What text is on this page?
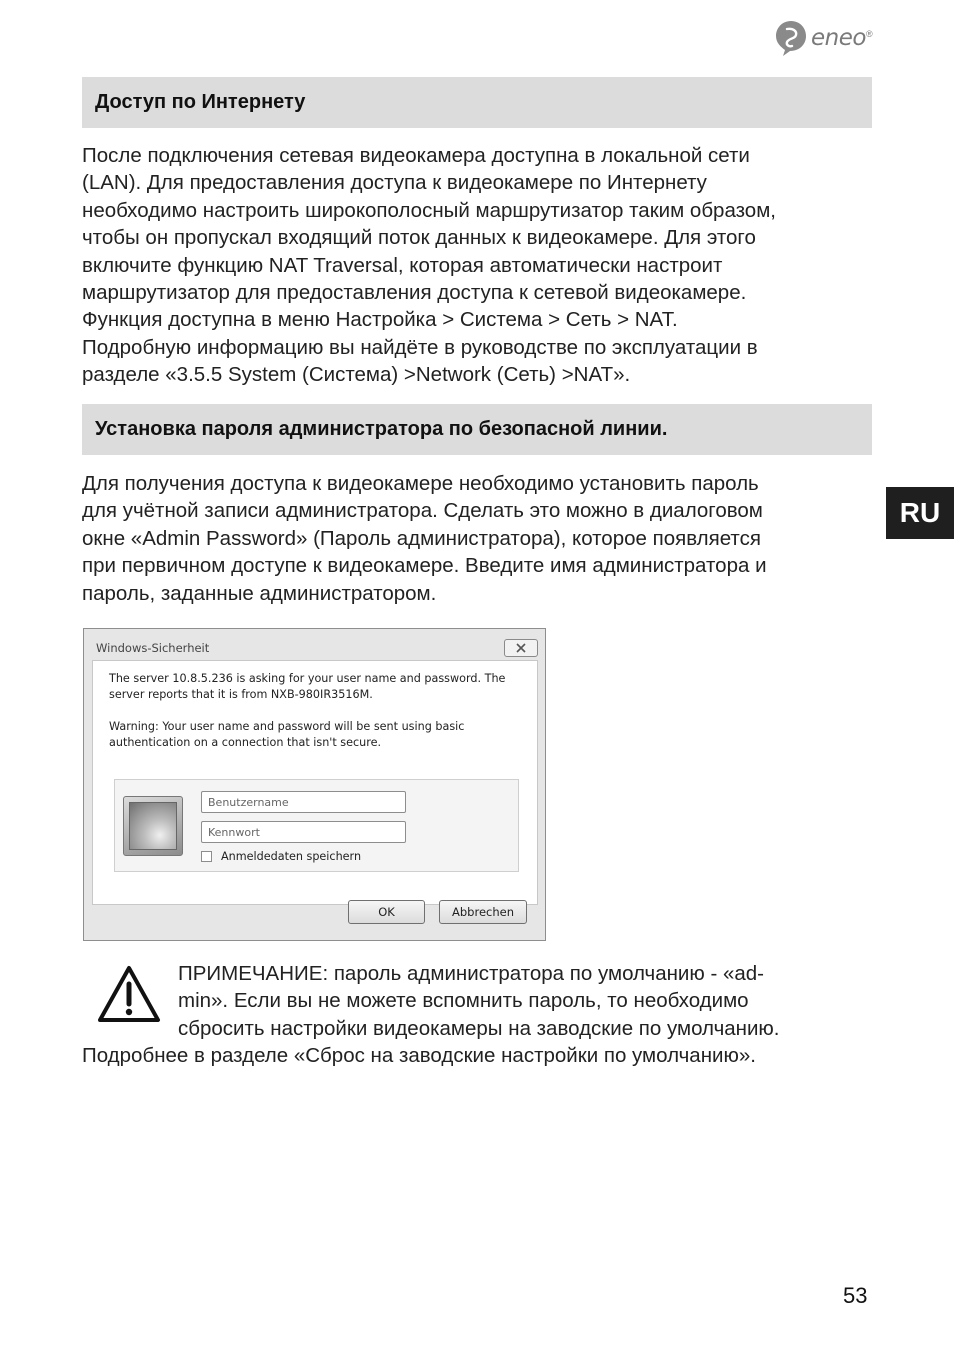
eneo ®
Доступ по Интернету

После подключения сетевая видеокамера доступна в локальной сети
(LAN). Для предоставления доступа к видеокамере по Интернету
необходимо настроить широкополосный маршрутизатор таким образом,
чтобы он пропускал входящий поток данных к видеокамере. Для этого
включите функцию NAT Traversal, которая автоматически настроит
маршрутизатор для предоставления доступа к сетевой видеокамере.
Функция доступна в меню Настройка > Система > Сеть > NAT.
Подробную информацию вы найдёте в руководстве по эксплуатации в
разделе «3.5.5 System (Система) >Network (Сеть) >NAT».

Установка пароля администратора по безопасной линии.

Для получения доступа к видеокамере необходимо установить пароль
для учётной записи администратора. Сделать это можно в диалоговом
окне «Admin Password» (Пароль администратора), которое появляется
при первичном доступе к видеокамере. Введите имя администратора и
пароль, заданные администратором.

RU
Windows-Sicherheit
The server 10.8.5.236 is asking for your user name and password. The
server reports that it is from NXB-980IR3516M.
Warning: Your user name and password will be sent using basic
authentication on a connection that isn't secure.
Benutzername
Anmeldedaten speichern
OK	Abbrechen

ПРИМЕЧАНИЕ: пароль администратора по умолчанию - «ad-
min». Если вы не можете вспомнить пароль, то необходимо
сбросить настройки видеокамеры на заводские по умолчанию.

Подробнее в разделе «Сброс на заводские настройки по умолчанию».

53
